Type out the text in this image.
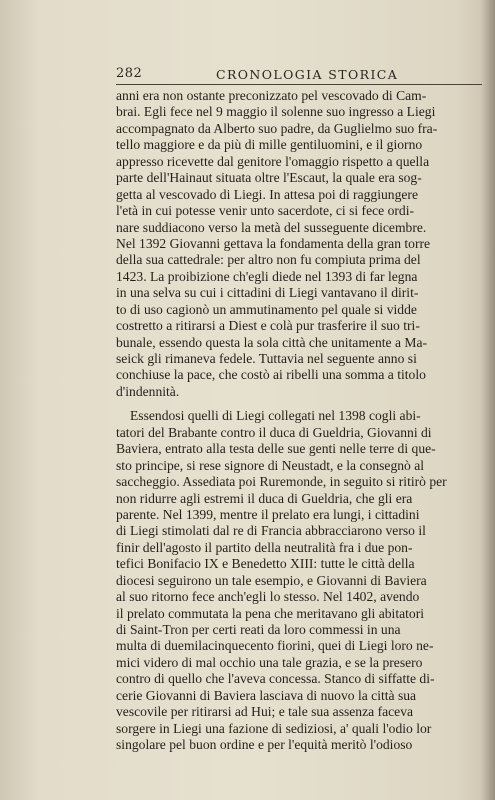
282	CRONOLOGIA STORICA
anni era non ostante preconizzato pel vescovado di Cam-
brai. Egli fece nel 9 maggio il solenne suo ingresso a Liegi
accompagnato da Alberto suo padre, da Guglielmo suo fra-
tello maggiore e da più di mille gentiluomini, e il giorno
appresso ricevette dal genitore l'omaggio rispetto a quella
parte dell'Hainaut situata oltre l'Escaut, la quale era sog-
getta al vescovado di Liegi. In attesa poi di raggiungere
l'età in cui potesse venir unto sacerdote, ci si fece ordi-
nare suddiacono verso la metà del susseguente dicembre.
Nel 1392 Giovanni gettava la fondamenta della gran torre
della sua cattedrale: per altro non fu compiuta prima del
1423. La proibizione ch'egli diede nel 1393 di far legna
in una selva su cui i cittadini di Liegi vantavano il dirit-
to di uso cagionò un ammutinamento pel quale si vidde
costretto a ritirarsi a Diest e colà pur trasferire il suo tri-
bunale, essendo questa la sola città che unitamente a Ma-
seick gli rimaneva fedele. Tuttavia nel seguente anno si
conchiuse la pace, che costò ai ribelli una somma a titolo
d'indennità.
Essendosi quelli di Liegi collegati nel 1398 cogli abi-
tatori del Brabante contro il duca di Gueldria, Giovanni di
Baviera, entrato alla testa delle sue genti nelle terre di que-
sto principe, si rese signore di Neustadt, e la consegnò al
saccheggio. Assediata poi Ruremonde, in seguito si ritirò per
non ridurre agli estremi il duca di Gueldria, che gli era
parente. Nel 1399, mentre il prelato era lungi, i cittadini
di Liegi stimolati dal re di Francia abbracciarono verso il
finir dell'agosto il partito della neutralità fra i due pon-
tefici Bonifacio IX e Benedetto XIII: tutte le città della
diocesi seguirono un tale esempio, e Giovanni di Baviera
al suo ritorno fece anch'egli lo stesso. Nel 1402, avendo
il prelato commutata la pena che meritavano gli abitatori
di Saint-Tron per certi reati da loro commessi in una
multa di duemilacinquecento fiorini, quei di Liegi loro ne-
mici videro di mal occhio una tale grazia, e se la presero
contro di quello che l'aveva concessa. Stanco di siffatte di-
cerie Giovanni di Baviera lasciava di nuovo la città sua
vescovile per ritirarsi ad Hui; e tale sua assenza faceva
sorgere in Liegi una fazione di sediziosi, a' quali l'odio lor
singolare pel buon ordine e per l'equità meritò l'odioso
